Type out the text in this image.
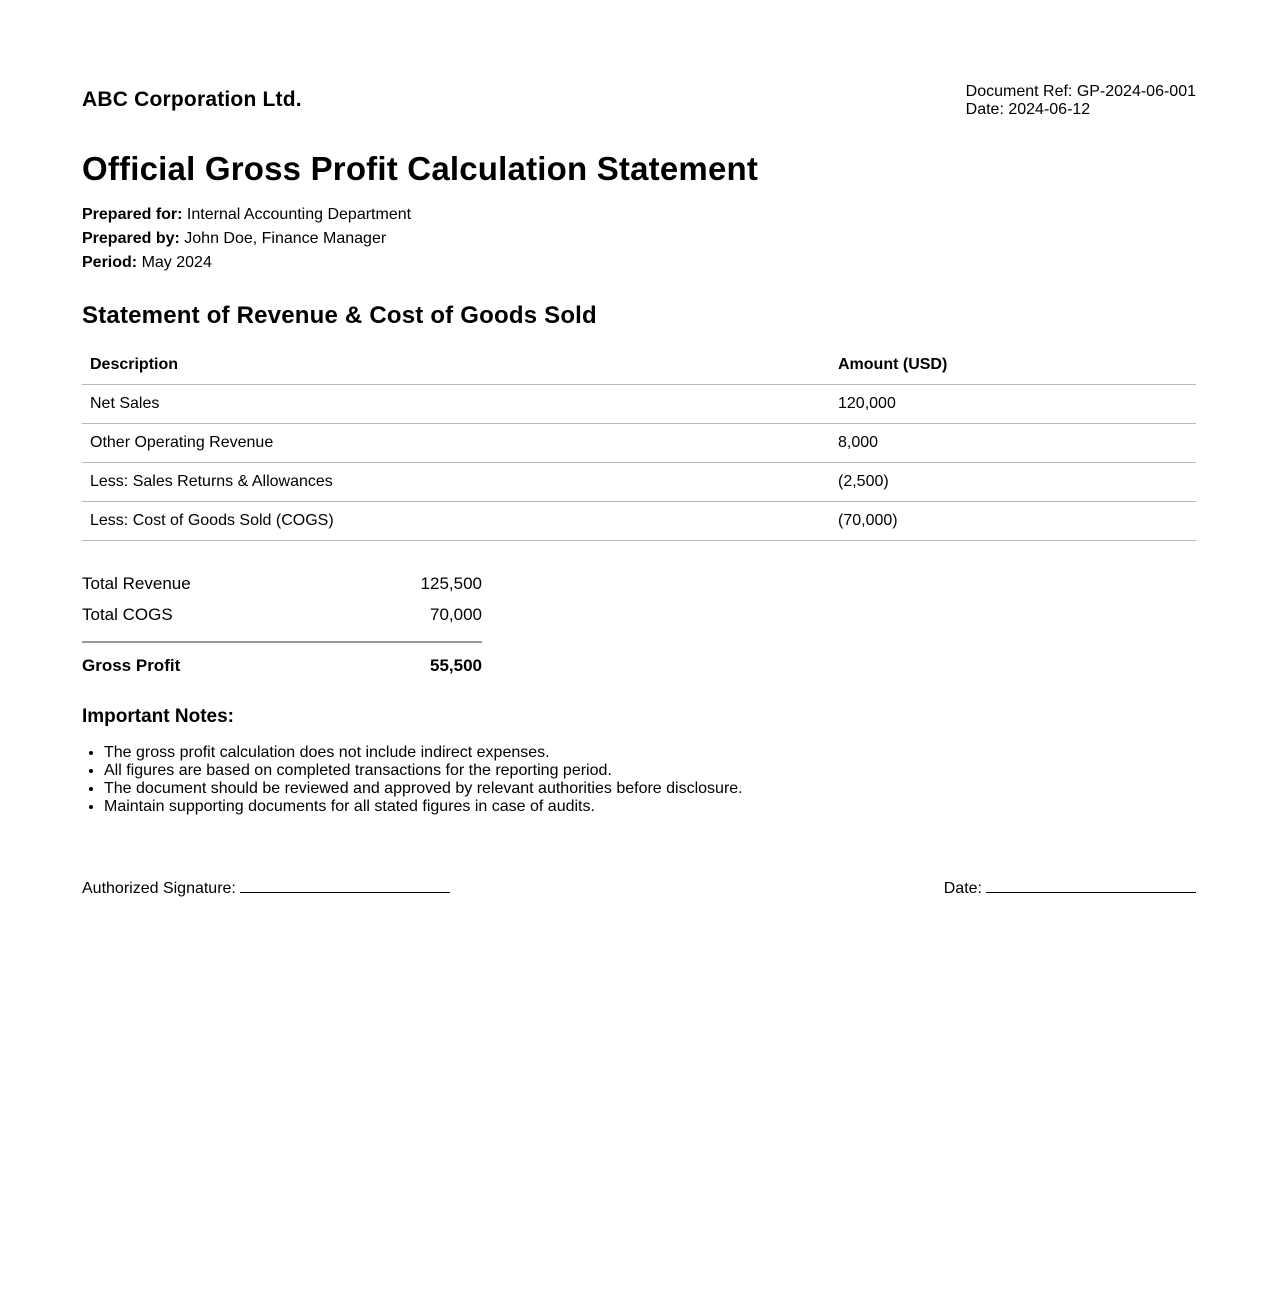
ABC Corporation Ltd.	Document Ref: GP-2024-06-001
Date: 2024-06-12
Official Gross Profit Calculation Statement
Prepared for: Internal Accounting Department
Prepared by: John Doe, Finance Manager
Period: May 2024
Statement of Revenue & Cost of Goods Sold
Description	Amount (USD)
Net Sales	120,000
Other Operating Revenue	8,000
Less: Sales Returns & Allowances	(2,500)
Less: Cost of Goods Sold (COGS)	(70,000)
Total Revenue	125,500
Total COGS	70,000
Gross Profit	55,500
Important Notes:
• The gross profit calculation does not include indirect expenses.
• All figures are based on completed transactions for the reporting period.
• The document should be reviewed and approved by relevant authorities before disclosure.
• Maintain supporting documents for all stated figures in case of audits.
Authorized Signature:	Date:
